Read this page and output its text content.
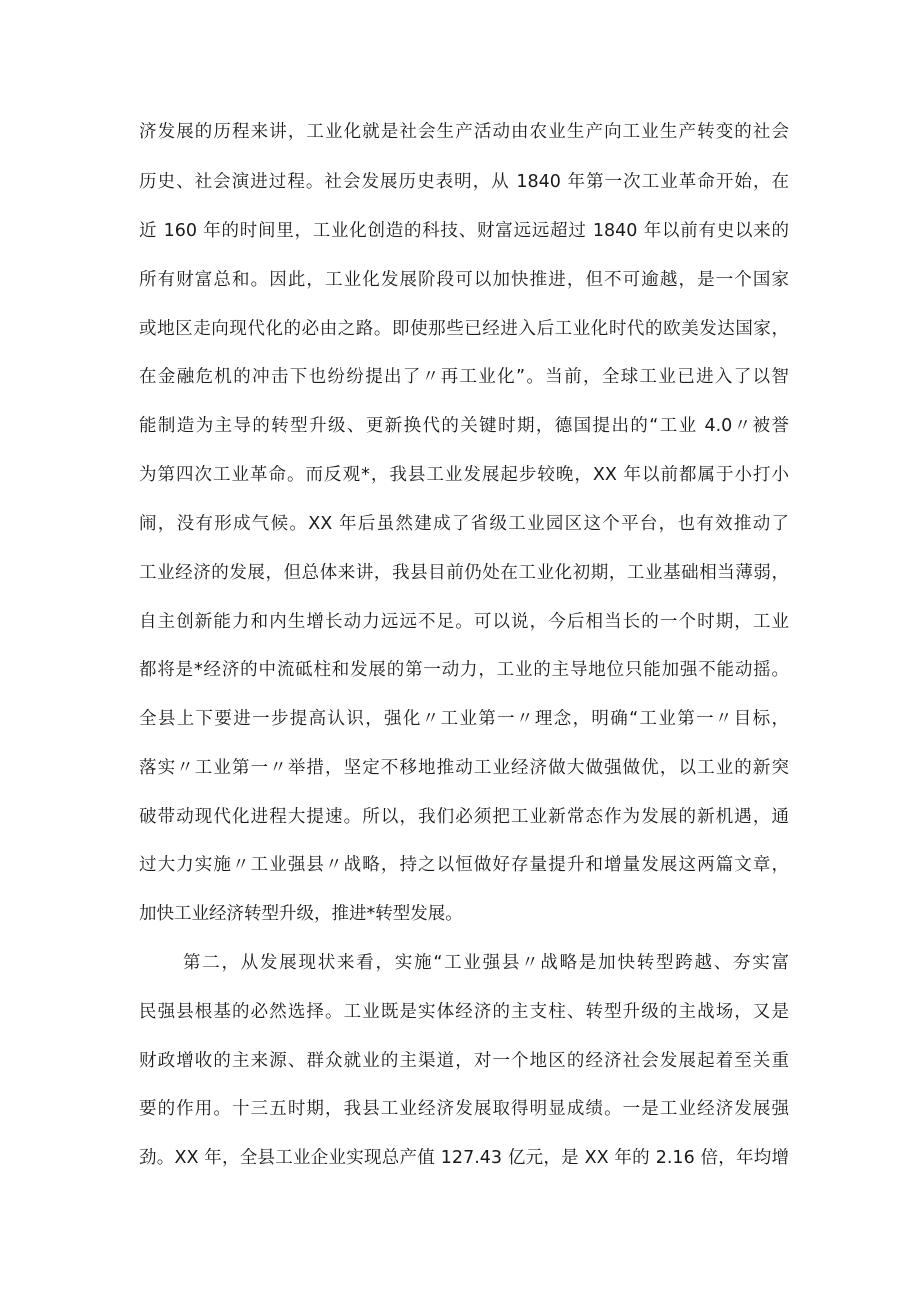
济发展的历程来讲，工业化就是社会生产活动由农业生产向工业生产转变的社会
历史、社会演进过程。社会发展历史表明，从 1840 年第一次工业革命开始，在
近 160 年的时间里，工业化创造的科技、财富远远超过 1840 年以前有史以来的
所有财富总和。因此，工业化发展阶段可以加快推进，但不可逾越，是一个国家
或地区走向现代化的必由之路。即使那些已经进入后工业化时代的欧美发达国家，
在金融危机的冲击下也纷纷提出了〃再工业化”。当前，全球工业已进入了以智
能制造为主导的转型升级、更新换代的关键时期，德国提出的“工业 4.0〃被誉
为第四次工业革命。而反观*，我县工业发展起步较晚，XX 年以前都属于小打小
闹，没有形成气候。XX 年后虽然建成了省级工业园区这个平台，也有效推动了
工业经济的发展，但总体来讲，我县目前仍处在工业化初期，工业基础相当薄弱，
自主创新能力和内生增长动力远远不足。可以说，今后相当长的一个时期，工业
都将是*经济的中流砥柱和发展的第一动力，工业的主导地位只能加强不能动摇。
全县上下要进一步提高认识，强化〃工业第一〃理念，明确“工业第一〃目标，
落实〃工业第一〃举措，坚定不移地推动工业经济做大做强做优，以工业的新突
破带动现代化进程大提速。所以，我们必须把工业新常态作为发展的新机遇，通
过大力实施〃工业强县〃战略，持之以恒做好存量提升和增量发展这两篇文章，
加快工业经济转型升级，推进*转型发展。
第二，从发展现状来看，实施“工业强县〃战略是加快转型跨越、夯实富
民强县根基的必然选择。工业既是实体经济的主支柱、转型升级的主战场，又是
财政增收的主来源、群众就业的主渠道，对一个地区的经济社会发展起着至关重
要的作用。十三五时期，我县工业经济发展取得明显成绩。一是工业经济发展强
劲。XX 年，全县工业企业实现总产值 127.43 亿元，是 XX 年的 2.16 倍，年均增
